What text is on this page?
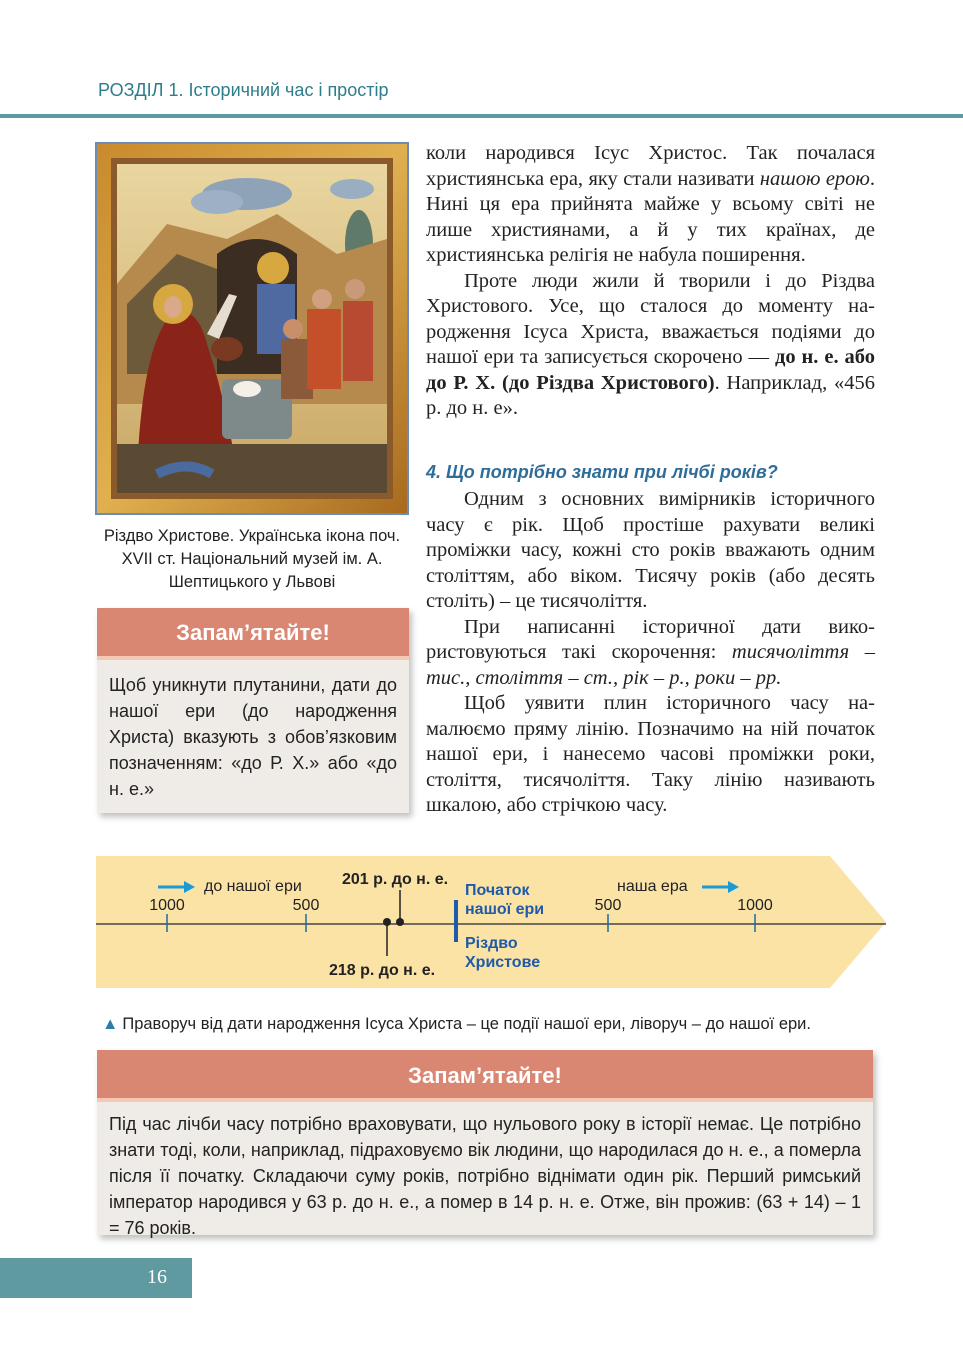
РОЗДІЛ 1. Історичний час і простір
Різдво Христове. Українська ікона поч. XVII ст. Національний музей ім. А. Шептицького у Львові
Запам’ятайте!
Щоб уникнути плутанини, дати до нашої ери (до народження Христа) вказують з обов’язковим позначенням: «до Р. Х.» або «до н. е.»

коли народився Ісус Христос. Так почалася християнська ера, яку стали називати нашою ерою. Нині ця ера прийнята майже у всьому світі не лише християнами, а й у тих країнах, де християнська релігія не набула поширення.

Проте люди жили й творили і до Різдва Христового. Усе, що сталося до моменту народження Ісуса Христа, вважається подіями до нашої ери та записується скорочено — до н. е. або до Р. Х. (до Різдва Христового). Наприклад, «456 р. до н. е».

4. Що потрібно знати при лічбі років?

Одним з основних вимірників історичного часу є рік. Щоб простіше рахувати великі проміжки часу, кожні сто років вважають одним століттям, або віком. Тисячу років (або десять століть) – це тисячоліття.

При написанні історичної дати використовуються такі скорочення: тисячоліття – тис., століття – ст., рік – р., роки – рр.

Щоб уявити плин історичного часу намалюємо пряму лінію. Позначимо на ній початок нашої ери, і нанесемо часові проміжки роки, століття, тисячоліття. Таку лінію називають шкалою, або стрічкою часу.

до нашої ери	наша ера
1000	500	500	1000
201 р. до н. е.
218 р. до н. е.
Початок
нашої ери
Різдво
Христове
▲ Праворуч від дати народження Ісуса Христа – це події нашої ери, ліворуч – до нашої ери.
Запам’ятайте!
Під час лічби часу потрібно враховувати, що нульового року в історії немає. Це потрібно знати тоді, коли, наприклад, підраховуємо вік людини, що народилася до н. е., а померла після її початку. Складаючи суму років, потрібно віднімати один рік. Перший римський імператор народився у 63 р. до н. е., а помер в 14 р. н. е. Отже, він прожив: (63 + 14) – 1 = 76 років.
16
